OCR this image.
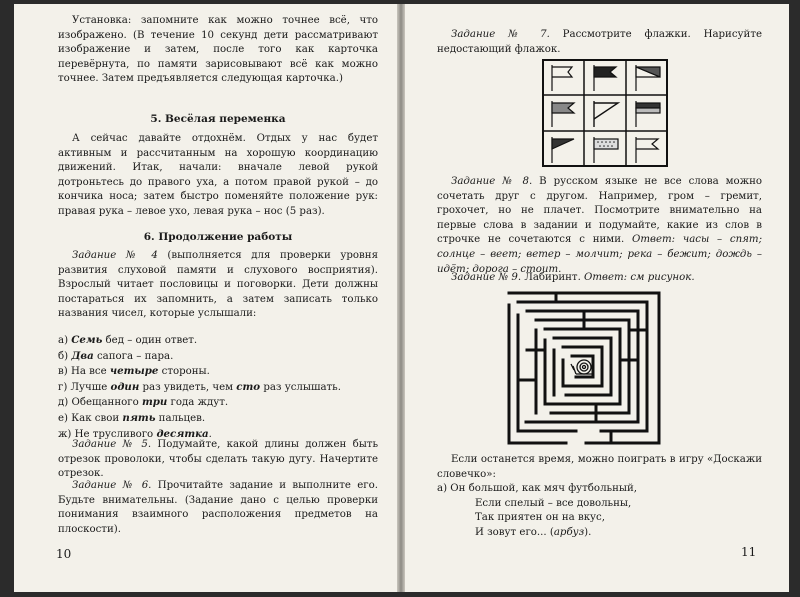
Установка: запомните как можно точнее всё, что изображено. (В течение 10 секунд дети рассматривают изображение и затем, после того как карточка перевёрнута, по памяти зарисовывают всё как можно точнее. Затем предъявляется следующая карточка.)
5. Весёлая переменка
А сейчас давайте отдохнём. Отдых у нас будет активным и рассчитанным на хорошую координацию движений. Итак, начали: вначале левой рукой дотроньтесь до правого уха, а потом правой рукой – до кончика носа; затем быстро поменяйте положение рук: правая рука – левое ухо, левая рука – нос (5 раз).
6. Продолжение работы
Задание № 4 (выполняется для проверки уровня развития слуховой памяти и слухового восприятия). Взрослый читает пословицы и поговорки. Дети должны постараться их запомнить, а затем записать только названия чисел, которые услышали:
а) Семь бед – один ответ.
б) Два сапога – пара.
в) На все четыре стороны.
г) Лучше один раз увидеть, чем сто раз услышать.
д) Обещанного три года ждут.
е) Как свои пять пальцев.
ж) Не трусливого десятка.
Задание № 5. Подумайте, какой длины должен быть отрезок проволоки, чтобы сделать такую дугу. Начертите отрезок.
Задание № 6. Прочитайте задание и выполните его. Будьте внимательны. (Задание дано с целью проверки понимания взаимного расположения предметов на плоскости).
10
Задание № 7. Рассмотрите флажки. Нарисуйте недостающий флажок.
Задание № 8. В русском языке не все слова можно сочетать друг с другом. Например, гром – гремит, грохочет, но не плачет. Посмотрите внимательно на первые слова в задании и подумайте, какие из слов в строчке не сочетаются с ними. Ответ: часы – спят; солнце – веет; ветер – молчит; река – бежит; дождь – идёт; дорога – стоит.
Задание № 9. Лабиринт. Ответ: см рисунок.
Если останется время, можно поиграть в игру «Доскажи словечко»:
а) Он большой, как мяч футбольный,
Если спелый – все довольны,
Так приятен он на вкус,
И зовут его... (арбуз).
11
